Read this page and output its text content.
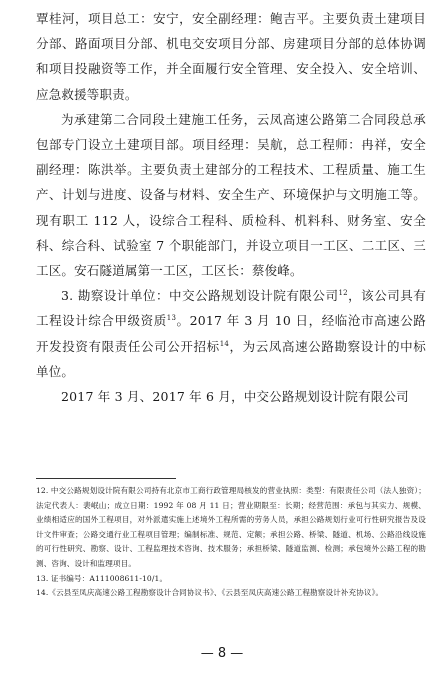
覃桂河，项目总工：安宁，安全副经理：鲍吉平。主要负责土建项目分部、路面项目分部、机电交安项目分部、房建项目分部的总体协调和项目投融资等工作，并全面履行安全管理、安全投入、安全培训、应急救援等职责。

为承建第二合同段土建施工任务，云凤高速公路第二合同段总承包部专门设立土建项目部。项目经理：吴航，总工程师：冉祥，安全副经理：陈洪举。主要负责土建部分的工程技术、工程质量、施工生产、计划与进度、设备与材料、安全生产、环境保护与文明施工等。现有职工 112 人，设综合工程科、质检科、机料科、财务室、安全科、综合科、试验室 7 个职能部门，并设立项目一工区、二工区、三工区。安石隧道属第一工区，工区长：蔡俊峰。

3. 勘察设计单位：中交公路规划设计院有限公司$^{12}$，该公司具有工程设计综合甲级资质$^{13}$。2017 年 3 月 10 日，经临沧市高速公路开发投资有限责任公司公开招标$^{14}$，为云凤高速公路勘察设计的中标单位。

2017 年 3 月、2017 年 6 月，中交公路规划设计院有限公司

12. 中交公路规划设计院有限公司持有北京市工商行政管理局核发的营业执照：类型：有限责任公司（法人独资）；法定代表人：裴岷山；成立日期：1992 年 08 月 11 日；营业期限至：长期；经营范围：承包与其实力、规模、业绩相适应的国外工程项目，对外派遣实施上述境外工程所需的劳务人员，承担公路规划行业可行性研究报告及设计文件审查；公路交通行业工程项目管理；编制标准、规范、定额；承担公路、桥梁、隧道、机场、公路沿线设施的可行性研究、勘察、设计、工程监理技术咨询、技术服务；承担桥梁、隧道监测、检测；承包境外公路工程的勘测、咨询、设计和监理项目。

13. 证书编号：A111008611-10/1。

14.《云县至凤庆高速公路工程勘察设计合同协议书》、《云县至凤庆高速公路工程勘察设计补充协议》。

— 8 —
